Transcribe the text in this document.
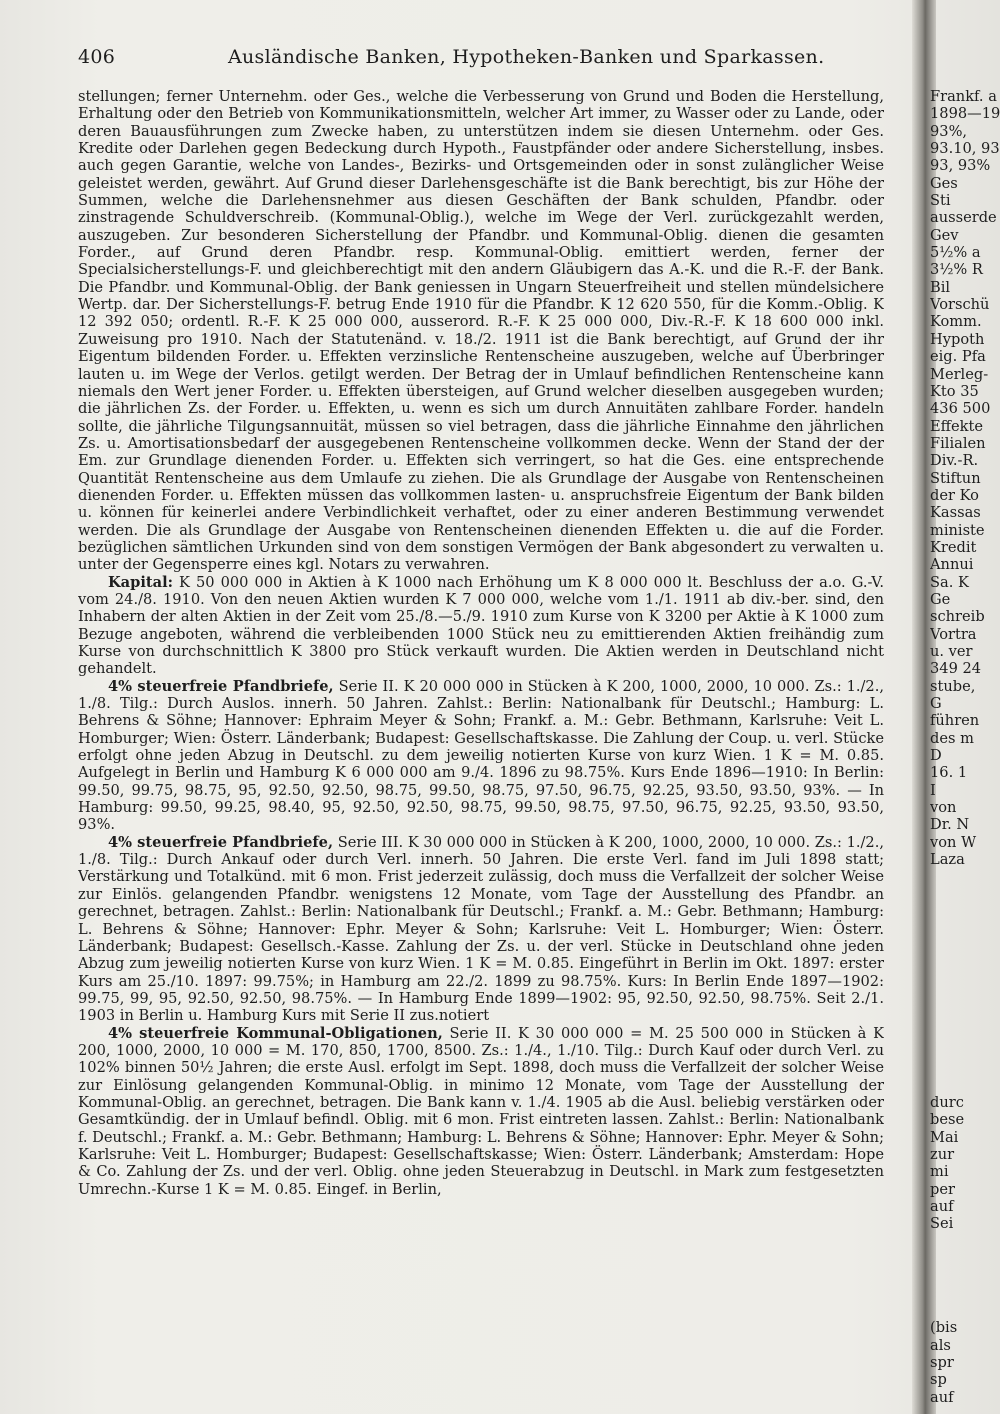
406	Ausländische Banken, Hypotheken-Banken und Sparkassen.

stellungen; ferner Unternehm. oder Ges., welche die Verbesserung von Grund und Boden die Herstellung, Erhaltung oder den Betrieb von Kommunikationsmitteln, welcher Art immer, zu Wasser oder zu Lande, oder deren Bauausführungen zum Zwecke haben, zu unterstützen indem sie diesen Unternehm. oder Ges. Kredite oder Darlehen gegen Bedeckung durch Hypoth., Faustpfänder oder andere Sicherstellung, insbes. auch gegen Garantie, welche von Landes-, Bezirks- und Ortsgemeinden oder in sonst zulänglicher Weise geleistet werden, gewährt. Auf Grund dieser Darlehensgeschäfte ist die Bank berechtigt, bis zur Höhe der Summen, welche die Darlehensnehmer aus diesen Geschäften der Bank schulden, Pfandbr. oder zinstragende Schuldverschreib. (Kommunal-Oblig.), welche im Wege der Verl. zurückgezahlt werden, auszugeben. Zur besonderen Sicherstellung der Pfandbr. und Kommunal-Oblig. dienen die gesamten Forder., auf Grund deren Pfandbr. resp. Kommunal-Oblig. emittiert werden, ferner der Specialsicherstellungs-F. und gleichberechtigt mit den andern Gläubigern das A.-K. und die R.-F. der Bank. Die Pfandbr. und Kommunal-Oblig. der Bank geniessen in Ungarn Steuerfreiheit und stellen mündelsichere Wertp. dar. Der Sicherstellungs-F. betrug Ende 1910 für die Pfandbr. K 12 620 550, für die Komm.-Oblig. K 12 392 050; ordentl. R.-F. K 25 000 000, ausserord. R.-F. K 25 000 000, Div.-R.-F. K 18 600 000 inkl. Zuweisung pro 1910. Nach der Statutenänd. v. 18./2. 1911 ist die Bank berechtigt, auf Grund der ihr Eigentum bildenden Forder. u. Effekten verzinsliche Rentenscheine auszugeben, welche auf Überbringer lauten u. im Wege der Verlos. getilgt werden. Der Betrag der in Umlauf befindlichen Rentenscheine kann niemals den Wert jener Forder. u. Effekten übersteigen, auf Grund welcher dieselben ausgegeben wurden; die jährlichen Zs. der Forder. u. Effekten, u. wenn es sich um durch Annuitäten zahlbare Forder. handeln sollte, die jährliche Tilgungsannuität, müssen so viel betragen, dass die jährliche Einnahme den jährlichen Zs. u. Amortisationsbedarf der ausgegebenen Rentenscheine vollkommen decke. Wenn der Stand der der Em. zur Grundlage dienenden Forder. u. Effekten sich verringert, so hat die Ges. eine entsprechende Quantität Rentenscheine aus dem Umlaufe zu ziehen. Die als Grundlage der Ausgabe von Rentenscheinen dienenden Forder. u. Effekten müssen das vollkommen lasten- u. anspruchsfreie Eigentum der Bank bilden u. können für keinerlei andere Verbindlichkeit verhaftet, oder zu einer anderen Bestimmung verwendet werden. Die als Grundlage der Ausgabe von Rentenscheinen dienenden Effekten u. die auf die Forder. bezüglichen sämtlichen Urkunden sind von dem sonstigen Vermögen der Bank abgesondert zu verwalten u. unter der Gegensperre eines kgl. Notars zu verwahren.

Kapital: K 50 000 000 in Aktien à K 1000 nach Erhöhung um K 8 000 000 lt. Beschluss der a.o. G.-V. vom 24./8. 1910. Von den neuen Aktien wurden K 7 000 000, welche vom 1./1. 1911 ab div.-ber. sind, den Inhabern der alten Aktien in der Zeit vom 25./8.—5./9. 1910 zum Kurse von K 3200 per Aktie à K 1000 zum Bezuge angeboten, während die verbleibenden 1000 Stück neu zu emittierenden Aktien freihändig zum Kurse von durchschnittlich K 3800 pro Stück verkauft wurden. Die Aktien werden in Deutschland nicht gehandelt.

4% steuerfreie Pfandbriefe, Serie II. K 20 000 000 in Stücken à K 200, 1000, 2000, 10 000. Zs.: 1./2., 1./8. Tilg.: Durch Auslos. innerh. 50 Jahren. Zahlst.: Berlin: Nationalbank für Deutschl.; Hamburg: L. Behrens & Söhne; Hannover: Ephraim Meyer & Sohn; Frankf. a. M.: Gebr. Bethmann, Karlsruhe: Veit L. Homburger; Wien: Österr. Länderbank; Budapest: Gesellschaftskasse. Die Zahlung der Coup. u. verl. Stücke erfolgt ohne jeden Abzug in Deutschl. zu dem jeweilig notierten Kurse von kurz Wien. 1 K = M. 0.85. Aufgelegt in Berlin und Hamburg K 6 000 000 am 9./4. 1896 zu 98.75%. Kurs Ende 1896—1910: In Berlin: 99.50, 99.75, 98.75, 95, 92.50, 92.50, 98.75, 99.50, 98.75, 97.50, 96.75, 92.25, 93.50, 93.50, 93%. — In Hamburg: 99.50, 99.25, 98.40, 95, 92.50, 92.50, 98.75, 99.50, 98.75, 97.50, 96.75, 92.25, 93.50, 93.50, 93%.

4% steuerfreie Pfandbriefe, Serie III. K 30 000 000 in Stücken à K 200, 1000, 2000, 10 000. Zs.: 1./2., 1./8. Tilg.: Durch Ankauf oder durch Verl. innerh. 50 Jahren. Die erste Verl. fand im Juli 1898 statt; Verstärkung und Totalkünd. mit 6 mon. Frist jederzeit zulässig, doch muss die Verfallzeit der solcher Weise zur Einlös. gelangenden Pfandbr. wenigstens 12 Monate, vom Tage der Ausstellung des Pfandbr. an gerechnet, betragen. Zahlst.: Berlin: Nationalbank für Deutschl.; Frankf. a. M.: Gebr. Bethmann; Hamburg: L. Behrens & Söhne; Hannover: Ephr. Meyer & Sohn; Karlsruhe: Veit L. Homburger; Wien: Österr. Länderbank; Budapest: Gesellsch.-Kasse. Zahlung der Zs. u. der verl. Stücke in Deutschland ohne jeden Abzug zum jeweilig notierten Kurse von kurz Wien. 1 K = M. 0.85. Eingeführt in Berlin im Okt. 1897: erster Kurs am 25./10. 1897: 99.75%; in Hamburg am 22./2. 1899 zu 98.75%. Kurs: In Berlin Ende 1897—1902: 99.75, 99, 95, 92.50, 92.50, 98.75%. — In Hamburg Ende 1899—1902: 95, 92.50, 92.50, 98.75%. Seit 2./1. 1903 in Berlin u. Hamburg Kurs mit Serie II zus.notiert

4% steuerfreie Kommunal-Obligationen, Serie II. K 30 000 000 = M. 25 500 000 in Stücken à K 200, 1000, 2000, 10 000 = M. 170, 850, 1700, 8500. Zs.: 1./4., 1./10. Tilg.: Durch Kauf oder durch Verl. zu 102% binnen 50½ Jahren; die erste Ausl. erfolgt im Sept. 1898, doch muss die Verfallzeit der solcher Weise zur Einlösung gelangenden Kommunal-Oblig. in minimo 12 Monate, vom Tage der Ausstellung der Kommunal-Oblig. an gerechnet, betragen. Die Bank kann v. 1./4. 1905 ab die Ausl. beliebig verstärken oder Gesamtkündig. der in Umlauf befindl. Oblig. mit 6 mon. Frist eintreten lassen. Zahlst.: Berlin: Nationalbank f. Deutschl.; Frankf. a. M.: Gebr. Bethmann; Hamburg: L. Behrens & Söhne; Hannover: Ephr. Meyer & Sohn; Karlsruhe: Veit L. Homburger; Budapest: Gesellschaftskasse; Wien: Österr. Länderbank; Amsterdam: Hope & Co. Zahlung der Zs. und der verl. Oblig. ohne jeden Steuerabzug in Deutschl. in Mark zum festgesetzten Umrechn.-Kurse 1 K = M. 0.85. Eingef. in Berlin,

Frankf. a
1898—19
93%,
93.10, 93
93, 93%
Ges
Sti
ausserde
Gev
5½% a
3½% R
Bil
Vorschü
Komm.
Hypoth
eig. Pfa
Merleg-
Kto 35
436 500
Effekte
Filialen
Div.-R.
Stiftun
der Ko
Kassas
ministe
Kredit
Annui
Sa. K
Ge
schreib
Vortra
u. ver
349 24
stube,
G
führen
des m
D
16. 1
I
von
Dr. N
von W
Laza
durc
bese
Mai
zur
mi
per
auf
Sei
(bis
als
spr
sp
auf
